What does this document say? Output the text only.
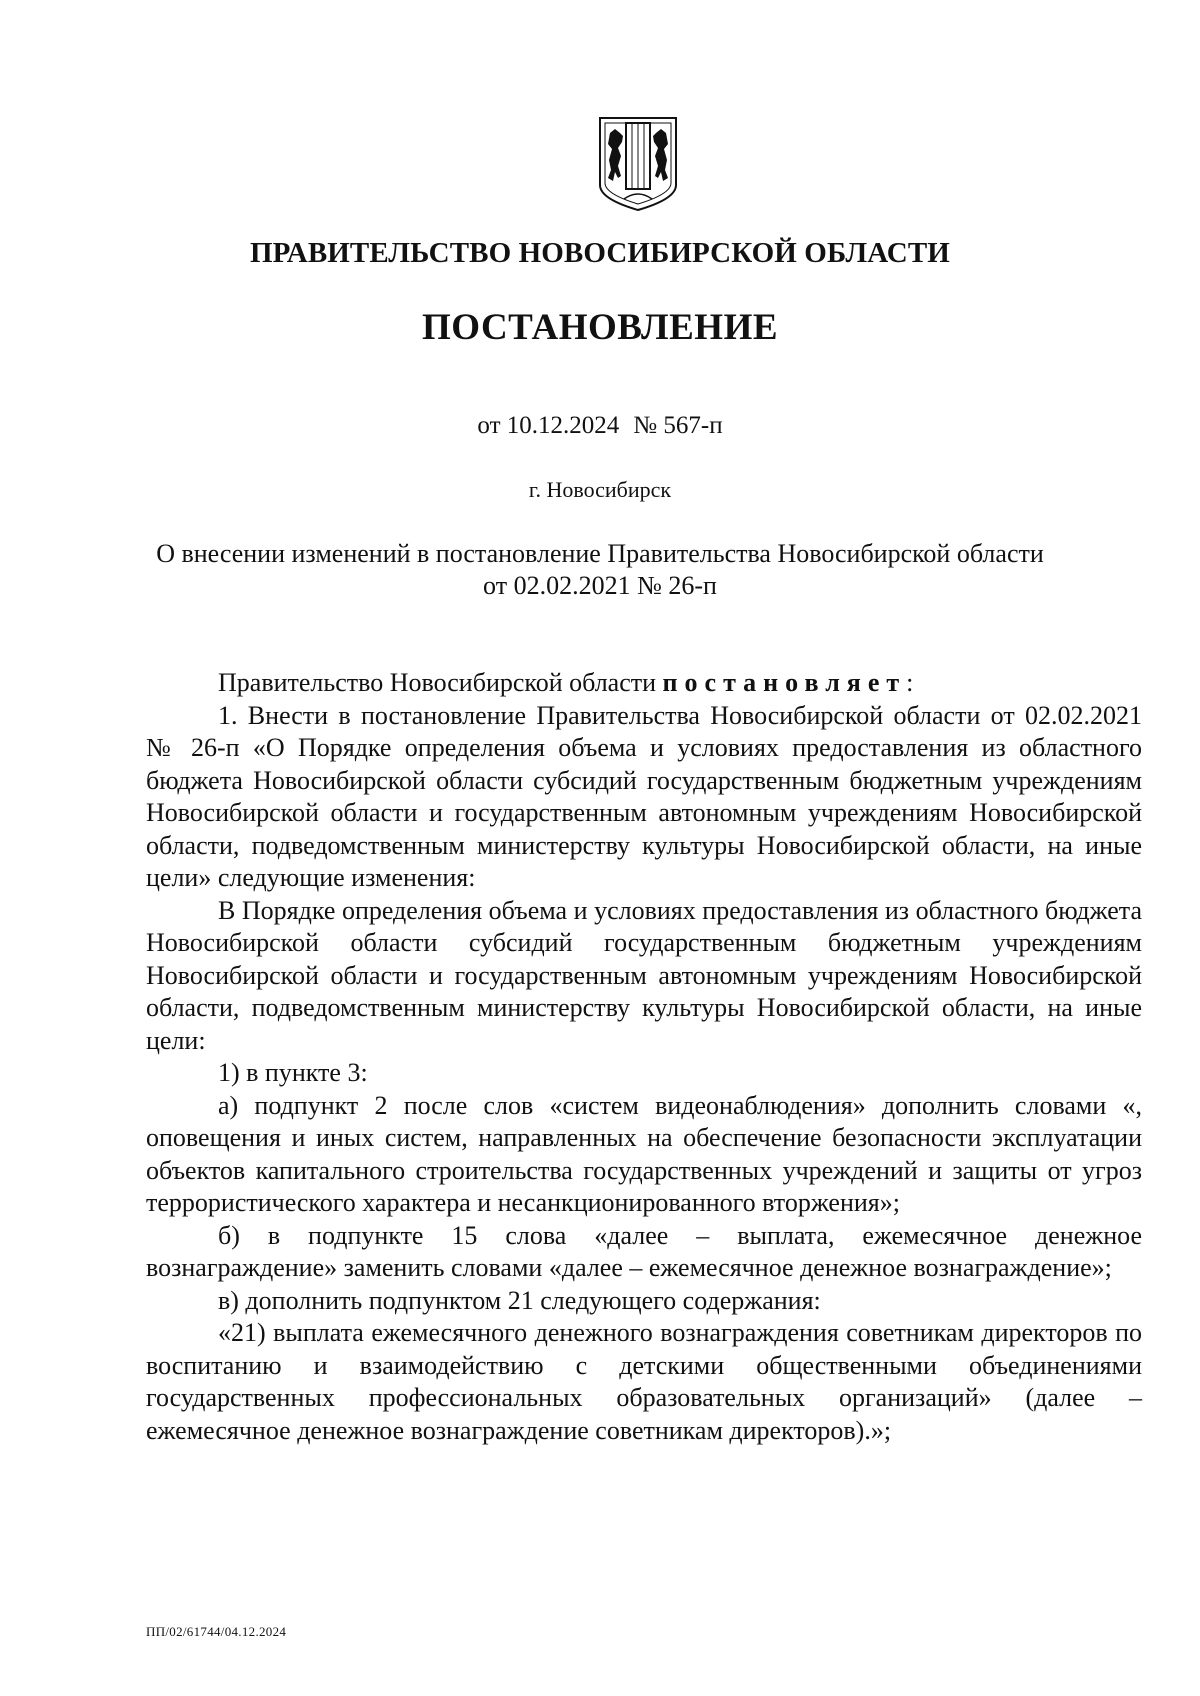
ПРАВИТЕЛЬСТВО НОВОСИБИРСКОЙ ОБЛАСТИ
ПОСТАНОВЛЕНИЕ
от 10.12.2024 № 567-п
г. Новосибирск
О внесении изменений в постановление Правительства Новосибирской области
от 02.02.2021 № 26-п

Правительство Новосибирской области постановляет:

1. Внести в постановление Правительства Новосибирской области от 02.02.2021 № 26-п «О Порядке определения объема и условиях предоставления из областного бюджета Новосибирской области субсидий государственным бюджетным учреждениям Новосибирской области и государственным автономным учреждениям Новосибирской области, подведомственным министерству культуры Новосибирской области, на иные цели» следующие изменения:

В Порядке определения объема и условиях предоставления из областного бюджета Новосибирской области субсидий государственным бюджетным учреждениям Новосибирской области и государственным автономным учреждениям Новосибирской области, подведомственным министерству культуры Новосибирской области, на иные цели:

1) в пункте 3:

а) подпункт 2 после слов «систем видеонаблюдения» дополнить словами «, оповещения и иных систем, направленных на обеспечение безопасности эксплуатации объектов капитального строительства государственных учреждений и защиты от угроз террористического характера и несанкционированного вторжения»;

б) в подпункте 15 слова «далее – выплата, ежемесячное денежное вознаграждение» заменить словами «далее – ежемесячное денежное вознаграждение»;

в) дополнить подпунктом 21 следующего содержания:

«21) выплата ежемесячного денежного вознаграждения советникам директоров по воспитанию и взаимодействию с детскими общественными объединениями государственных профессиональных образовательных организаций» (далее – ежемесячное денежное вознаграждение советникам директоров).»;

ПП/02/61744/04.12.2024
